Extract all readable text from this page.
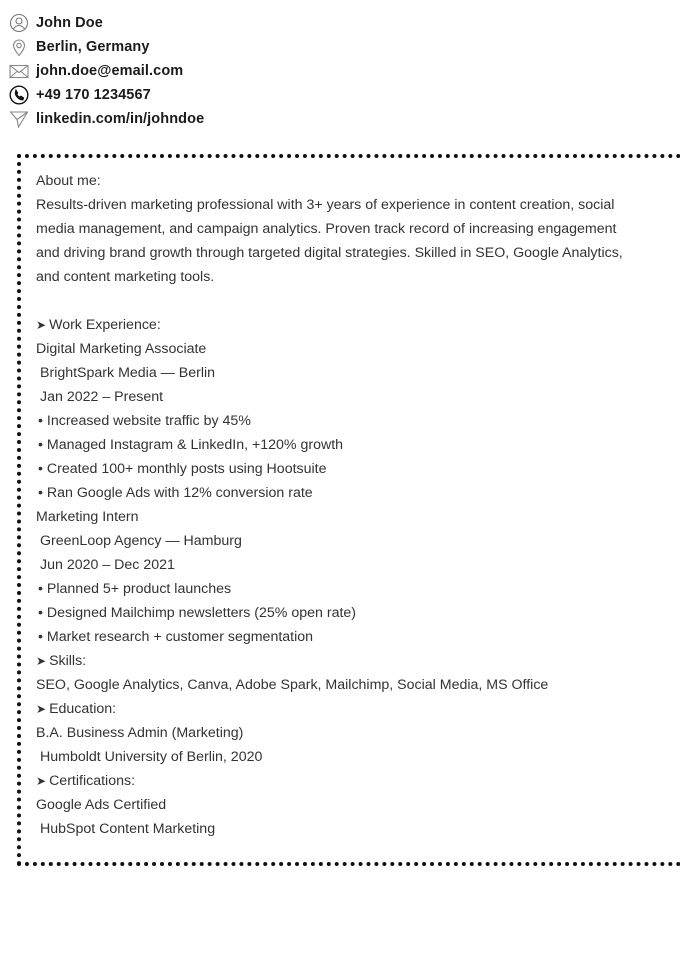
John Doe
Berlin, Germany
john.doe@email.com
+49 170 1234567
linkedin.com/in/johndoe
About me:
Results-driven marketing professional with 3+ years of experience in content creation, social
media management, and campaign analytics. Proven track record of increasing engagement
and driving brand growth through targeted digital strategies. Skilled in SEO, Google Analytics,
and content marketing tools.
➤ Work Experience:
Digital Marketing Associate
BrightSpark Media — Berlin
Jan 2022 – Present
• Increased website traffic by 45%
• Managed Instagram & LinkedIn, +120% growth
• Created 100+ monthly posts using Hootsuite
• Ran Google Ads with 12% conversion rate
Marketing Intern
GreenLoop Agency — Hamburg
Jun 2020 – Dec 2021
• Planned 5+ product launches
• Designed Mailchimp newsletters (25% open rate)
• Market research + customer segmentation
➤ Skills:
SEO, Google Analytics, Canva, Adobe Spark, Mailchimp, Social Media, MS Office
➤ Education:
B.A. Business Admin (Marketing)
Humboldt University of Berlin, 2020
➤ Certifications:
Google Ads Certified
HubSpot Content Marketing
